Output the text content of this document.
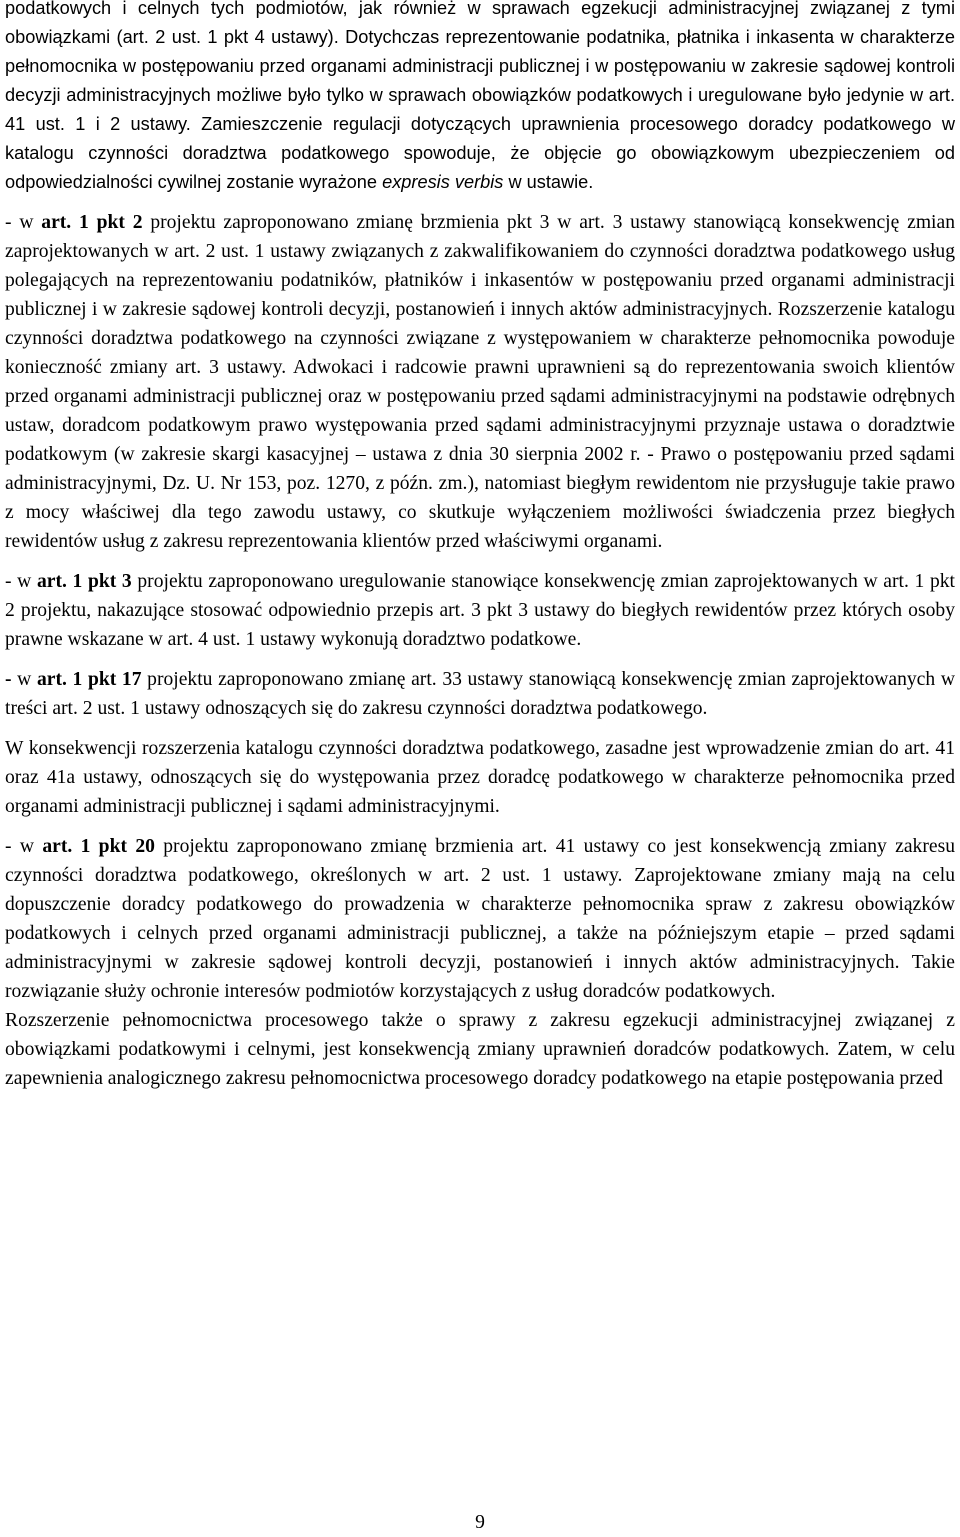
podatkowych i celnych tych podmiotów, jak również w sprawach egzekucji administracyjnej związanej z tymi obowiązkami (art. 2 ust. 1 pkt 4 ustawy). Dotychczas reprezentowanie podatnika, płatnika i inkasenta w charakterze pełnomocnika w postępowaniu przed organami administracji publicznej i w postępowaniu w zakresie sądowej kontroli decyzji administracyjnych możliwe było tylko w sprawach obowiązków podatkowych i uregulowane było jedynie w art. 41 ust. 1 i 2 ustawy. Zamieszczenie regulacji dotyczących uprawnienia procesowego doradcy podatkowego w katalogu czynności doradztwa podatkowego spowoduje, że objęcie go obowiązkowym ubezpieczeniem od odpowiedzialności cywilnej zostanie wyrażone expresis verbis w ustawie.

- w art. 1 pkt 2 projektu zaproponowano zmianę brzmienia pkt 3 w art. 3 ustawy stanowiącą konsekwencję zmian zaprojektowanych w art. 2 ust. 1 ustawy związanych z zakwalifikowaniem do czynności doradztwa podatkowego usług polegających na reprezentowaniu podatników, płatników i inkasentów w postępowaniu przed organami administracji publicznej i w zakresie sądowej kontroli decyzji, postanowień i innych aktów administracyjnych. Rozszerzenie katalogu czynności doradztwa podatkowego na czynności związane z występowaniem w charakterze pełnomocnika powoduje konieczność zmiany art. 3 ustawy. Adwokaci i radcowie prawni uprawnieni są do reprezentowania swoich klientów przed organami administracji publicznej oraz w postępowaniu przed sądami administracyjnymi na podstawie odrębnych ustaw, doradcom podatkowym prawo występowania przed sądami administracyjnymi przyznaje ustawa o doradztwie podatkowym (w zakresie skargi kasacyjnej – ustawa z dnia 30 sierpnia 2002 r. - Prawo o postępowaniu przed sądami administracyjnymi, Dz. U. Nr 153, poz. 1270, z późn. zm.), natomiast biegłym rewidentom nie przysługuje takie prawo z mocy właściwej dla tego zawodu ustawy, co skutkuje wyłączeniem możliwości świadczenia przez biegłych rewidentów usług z zakresu reprezentowania klientów przed właściwymi organami.

- w art. 1 pkt 3 projektu zaproponowano uregulowanie stanowiące konsekwencję zmian zaprojektowanych w art. 1 pkt 2 projektu, nakazujące stosować odpowiednio przepis art. 3 pkt 3 ustawy do biegłych rewidentów przez których osoby prawne wskazane w art. 4 ust. 1 ustawy wykonują doradztwo podatkowe.

- w art. 1 pkt 17 projektu zaproponowano zmianę art. 33 ustawy stanowiącą konsekwencję zmian zaprojektowanych w treści art. 2 ust. 1 ustawy odnoszących się do zakresu czynności doradztwa podatkowego.

W konsekwencji rozszerzenia katalogu czynności doradztwa podatkowego, zasadne jest wprowadzenie zmian do art. 41 oraz 41a ustawy, odnoszących się do występowania przez doradcę podatkowego w charakterze pełnomocnika przed organami administracji publicznej i sądami administracyjnymi.

- w art. 1 pkt 20 projektu zaproponowano zmianę brzmienia art. 41 ustawy co jest konsekwencją zmiany zakresu czynności doradztwa podatkowego, określonych w art. 2 ust. 1 ustawy. Zaprojektowane zmiany mają na celu dopuszczenie doradcy podatkowego do prowadzenia w charakterze pełnomocnika spraw z zakresu obowiązków podatkowych i celnych przed organami administracji publicznej, a także na późniejszym etapie – przed sądami administracyjnymi w zakresie sądowej kontroli decyzji, postanowień i innych aktów administracyjnych. Takie rozwiązanie służy ochronie interesów podmiotów korzystających z usług doradców podatkowych.

Rozszerzenie pełnomocnictwa procesowego także o sprawy z zakresu egzekucji administracyjnej związanej z obowiązkami podatkowymi i celnymi, jest konsekwencją zmiany uprawnień doradców podatkowych. Zatem, w celu zapewnienia analogicznego zakresu pełnomocnictwa procesowego doradcy podatkowego na etapie postępowania przed

9
